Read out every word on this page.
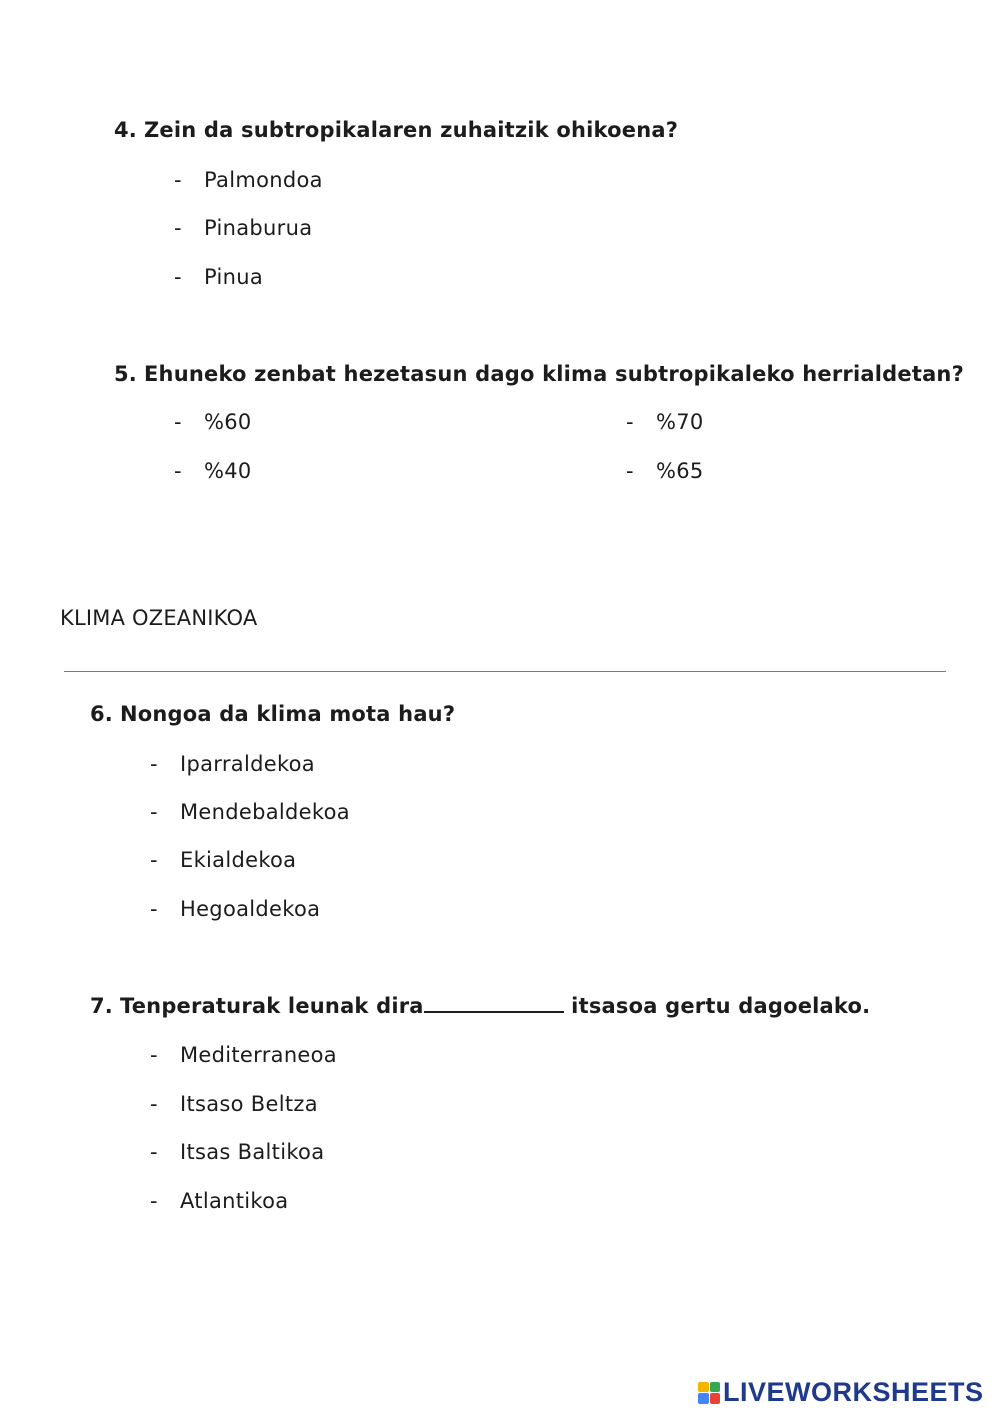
4. Zein da subtropikalaren zuhaitzik ohikoena?
- Palmondoa
- Pinaburua
- Pinua
5. Ehuneko zenbat hezetasun dago klima subtropikaleko herrialdetan?
- %60	- %70
- %40	- %65
KLIMA OZEANIKOA
6. Nongoa da klima mota hau?
- Iparraldekoa
- Mendebaldekoa
- Ekialdekoa
- Hegoaldekoa
7. Tenperaturak leunak dira	itsasoa gertu dagoelako.
- Mediterraneoa
- Itsaso Beltza
- Itsas Baltikoa
- Atlantikoa
LIVEWORKSHEETS
